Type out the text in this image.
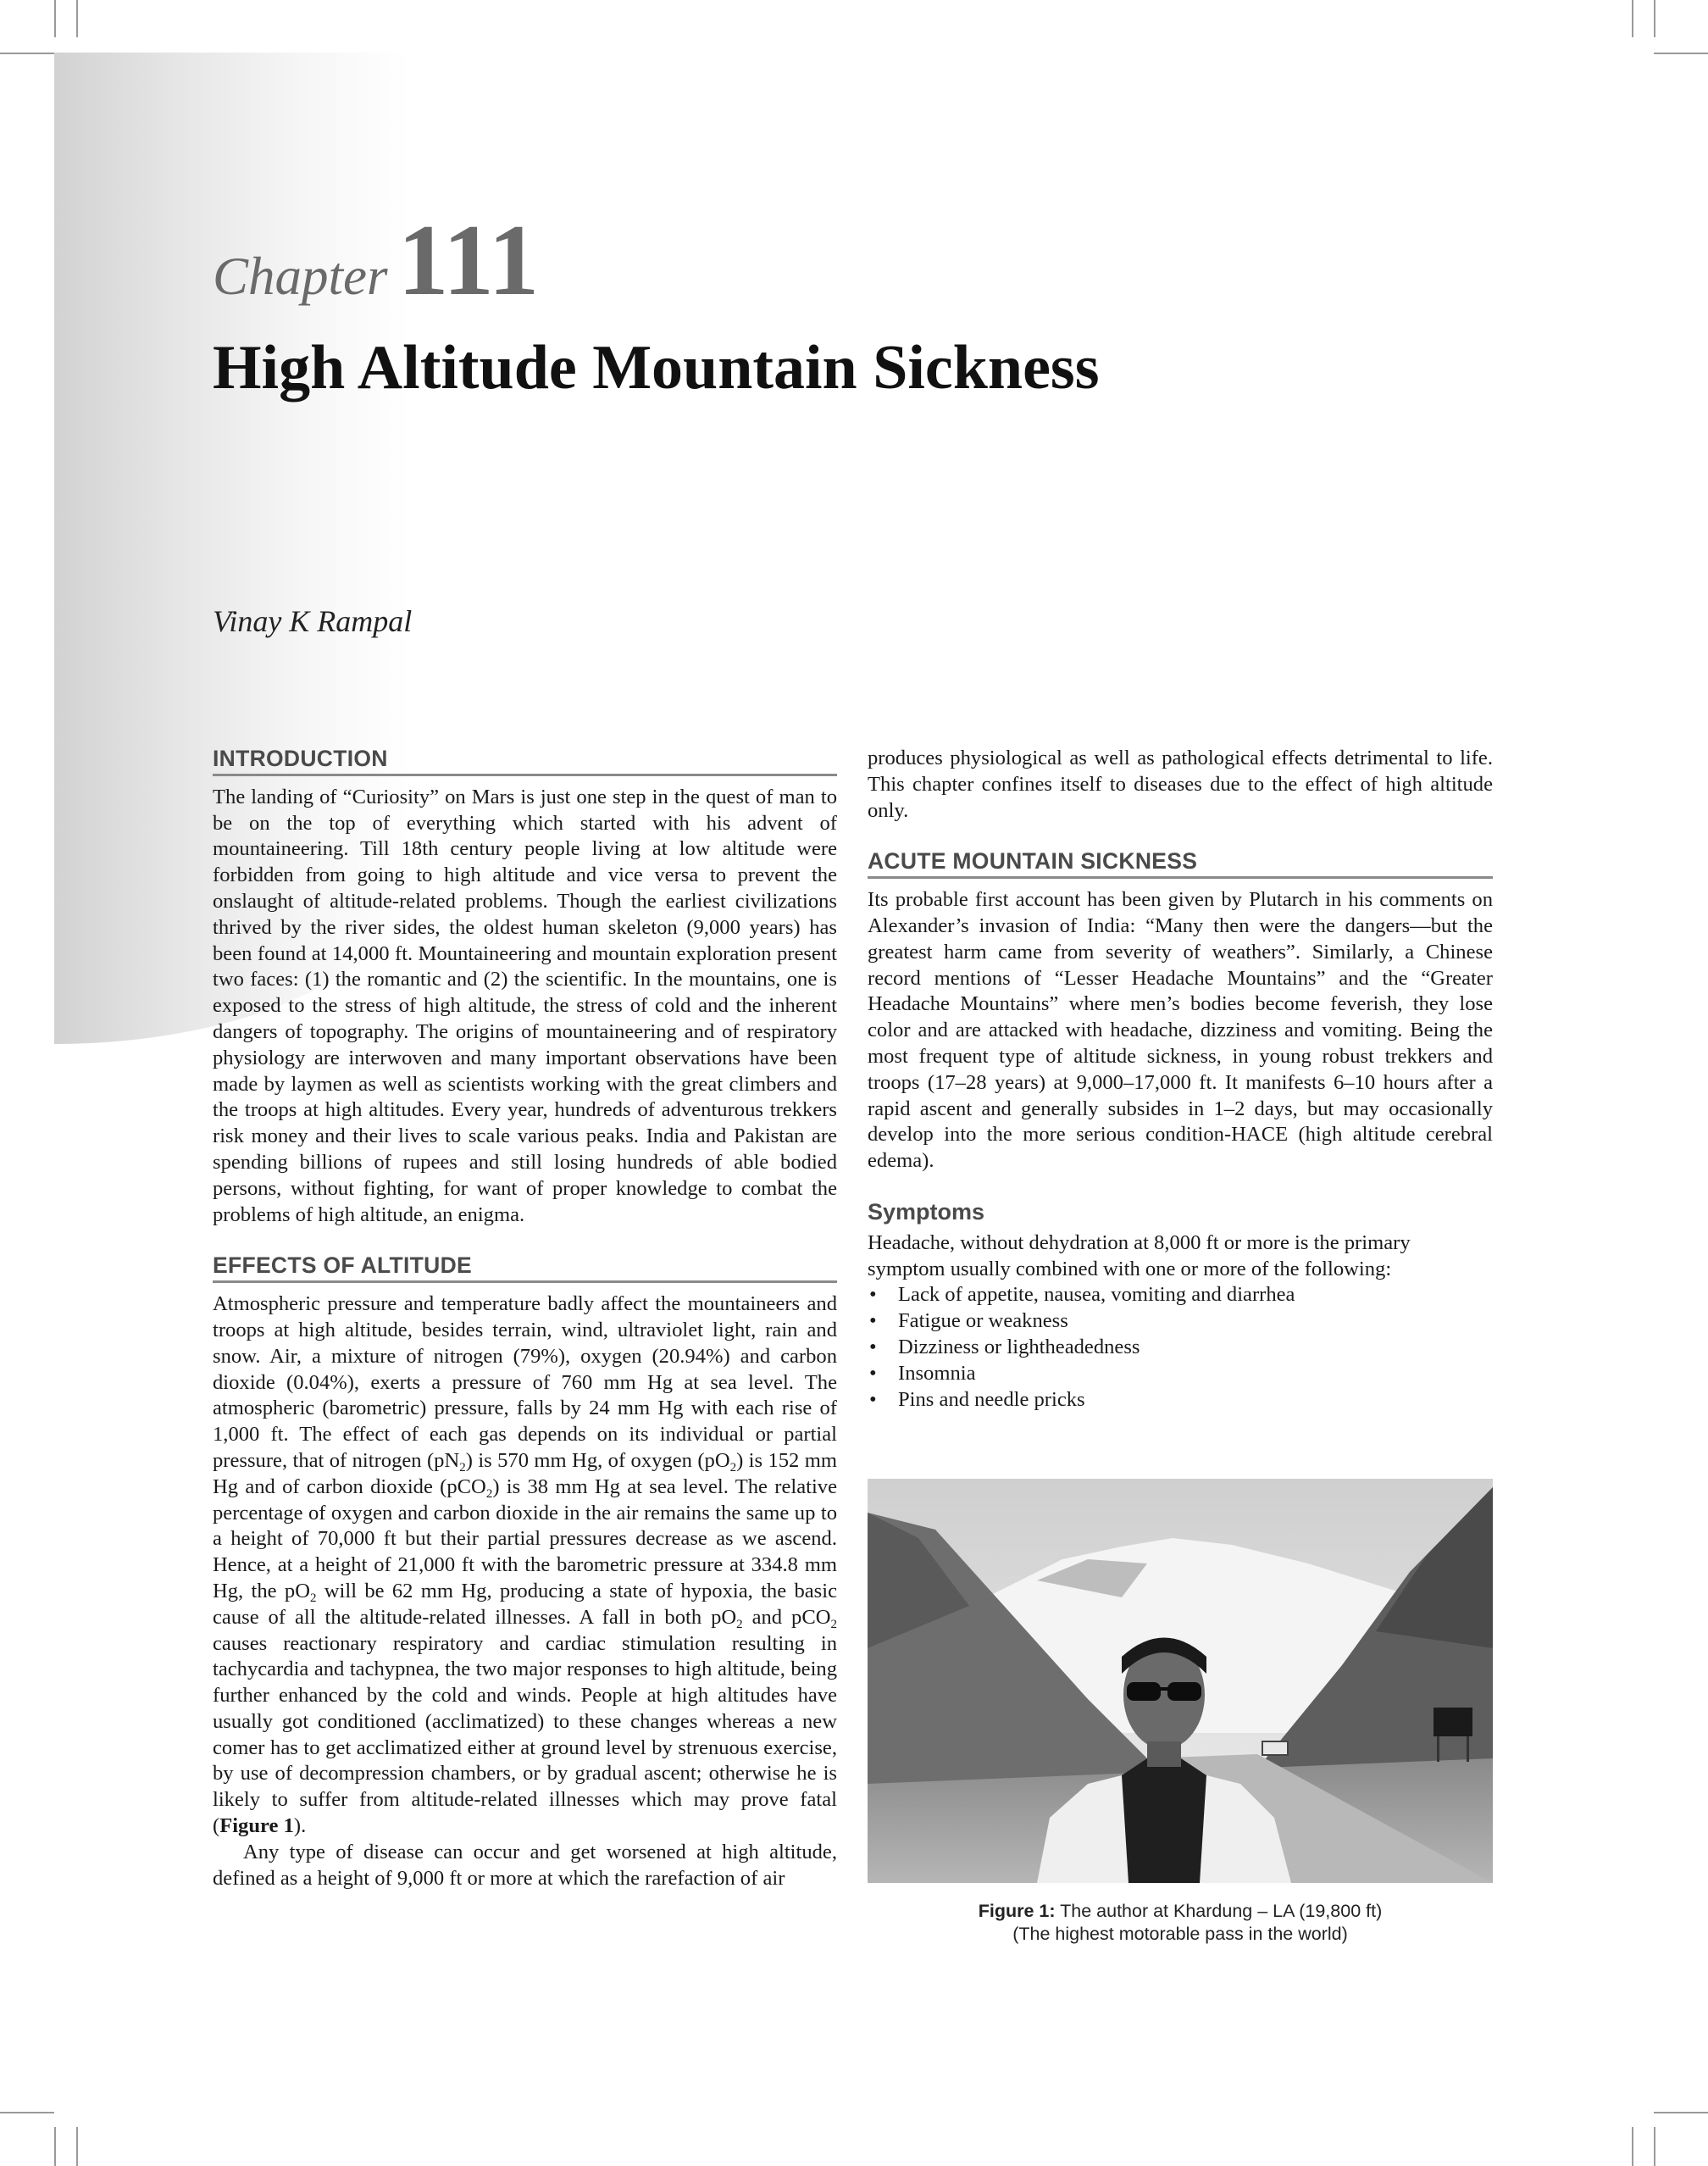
Chapter 111
High Altitude Mountain Sickness
Vinay K Rampal
INTRODUCTION

The landing of “Curiosity” on Mars is just one step in the quest of man to be on the top of everything which started with his advent of mountaineering. Till 18th century people living at low altitude were forbidden from going to high altitude and vice versa to prevent the onslaught of altitude-related problems. Though the earliest civilizations thrived by the river sides, the oldest human skeleton (9,000 years) has been found at 14,000 ft. Mountaineering and mountain exploration present two faces: (1) the romantic and (2) the scientific. In the mountains, one is exposed to the stress of high altitude, the stress of cold and the inherent dangers of topography. The origins of mountaineering and of respiratory physiology are interwoven and many important observations have been made by laymen as well as scientists working with the great climbers and the troops at high altitudes. Every year, hundreds of adventurous trekkers risk money and their lives to scale various peaks. India and Pakistan are spending billions of rupees and still losing hundreds of able bodied persons, without fighting, for want of proper knowledge to combat the problems of high altitude, an enigma.

EFFECTS OF ALTITUDE

Atmospheric pressure and temperature badly affect the mountaineers and troops at high altitude, besides terrain, wind, ultraviolet light, rain and snow. Air, a mixture of nitrogen (79%), oxygen (20.94%) and carbon dioxide (0.04%), exerts a pressure of 760 mm Hg at sea level. The atmospheric (barometric) pressure, falls by 24 mm Hg with each rise of 1,000 ft. The effect of each gas depends on its individual or partial pressure, that of nitrogen $(pN_2)$ is 570 mm Hg, of oxygen $(pO_2)$ is 152 mm Hg and of carbon dioxide (pCO$_2$) is 38 mm Hg at sea level. The relative percentage of oxygen and carbon dioxide in the air remains the same up to a height of 70,000 ft but their partial pressures decrease as we ascend. Hence, at a height of 21,000 ft with the barometric pressure at 334.8 mm Hg, the $pO_2$ will be 62 mm Hg, producing a state of hypoxia, the basic cause of all the altitude-related illnesses. A fall in both $pO_2$ and pCO$_2$ causes reactionary respiratory and cardiac stimulation resulting in tachycardia and tachypnea, the two major responses to high altitude, being further enhanced by the cold and winds. People at high altitudes have usually got conditioned (acclimatized) to these changes whereas a new comer has to get acclimatized either at ground level by strenuous exercise, by use of decompression chambers, or by gradual ascent; otherwise he is likely to suffer from altitude-related illnesses which may prove fatal (Figure 1).

Any type of disease can occur and get worsened at high altitude, defined as a height of 9,000 ft or more at which the rarefaction of air

produces physiological as well as pathological effects detrimental to life. This chapter confines itself to diseases due to the effect of high altitude only.

ACUTE MOUNTAIN SICKNESS

Its probable first account has been given by Plutarch in his comments on Alexander’s invasion of India: “Many then were the dangers—but the greatest harm came from severity of weathers”. Similarly, a Chinese record mentions of “Lesser Headache Mountains” and the “Greater Headache Mountains” where men’s bodies become feverish, they lose color and are attacked with headache, dizziness and vomiting. Being the most frequent type of altitude sickness, in young robust trekkers and troops (17–28 years) at 9,000–17,000 ft. It manifests 6–10 hours after a rapid ascent and generally subsides in 1–2 days, but may occasionally develop into the more serious condition-HACE (high altitude cerebral edema).

Symptoms

Headache, without dehydration at 8,000 ft or more is the primary symptom usually combined with one or more of the following:

• Lack of appetite, nausea, vomiting and diarrhea
• Fatigue or weakness
• Dizziness or lightheadedness
• Insomnia
• Pins and needle pricks
Figure 1: The author at Khardung – LA (19,800 ft)
(The highest motorable pass in the world)
